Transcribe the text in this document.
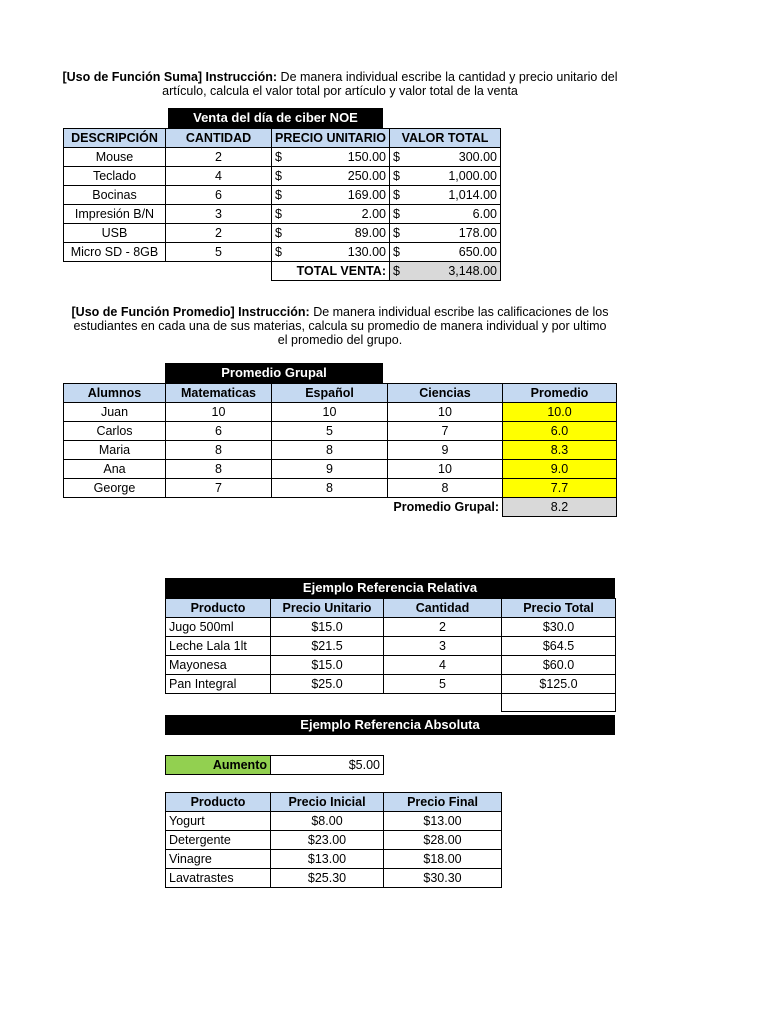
[Uso de Función Suma] Instrucción: De manera individual escribe la cantidad y precio unitario del
artículo, calcula el valor total por artículo y valor total de la venta
Venta del día de ciber NOE
DESCRIPCIÓN	CANTIDAD	PRECIO UNITARIO	VALOR TOTAL
Mouse	2	$ 150.00	$ 300.00

Teclado	4	$ 250.00	$ 1,000.00

Bocinas	6	$ 169.00	$ 1,014.00

Impresión B/N	3	$ 2.00	$ 6.00

USB	2	$ 89.00	$ 178.00

Micro SD - 8GB	5	$ 130.00	$ 650.00

		TOTAL VENTA:	$ 3,148.00
[Uso de Función Promedio] Instrucción: De manera individual escribe las calificaciones de los
estudiantes en cada una de sus materias, calcula su promedio de manera individual y por ultimo
el promedio del grupo.
Promedio Grupal
Alumnos	Matematicas	Español	Ciencias	Promedio
Juan	10	10	10	10.0
Carlos	6	5	7	6.0
Maria	8	8	9	8.3
Ana	8	9	10	9.0
George	7	8	8	7.7
			Promedio Grupal:	8.2
Ejemplo Referencia Relativa
Producto	Precio Unitario	Cantidad	Precio Total
Jugo 500ml	$15.0	2	$30.0
Leche Lala 1lt	$21.5	3	$64.5
Mayonesa	$15.0	4	$60.0
Pan Integral	$25.0	5	$125.0

Ejemplo Referencia Absoluta
Aumento	$5.00
Producto	Precio Inicial	Precio Final
Yogurt	$8.00	$13.00
Detergente	$23.00	$28.00
Vinagre	$13.00	$18.00
Lavatrastes	$25.30	$30.30
